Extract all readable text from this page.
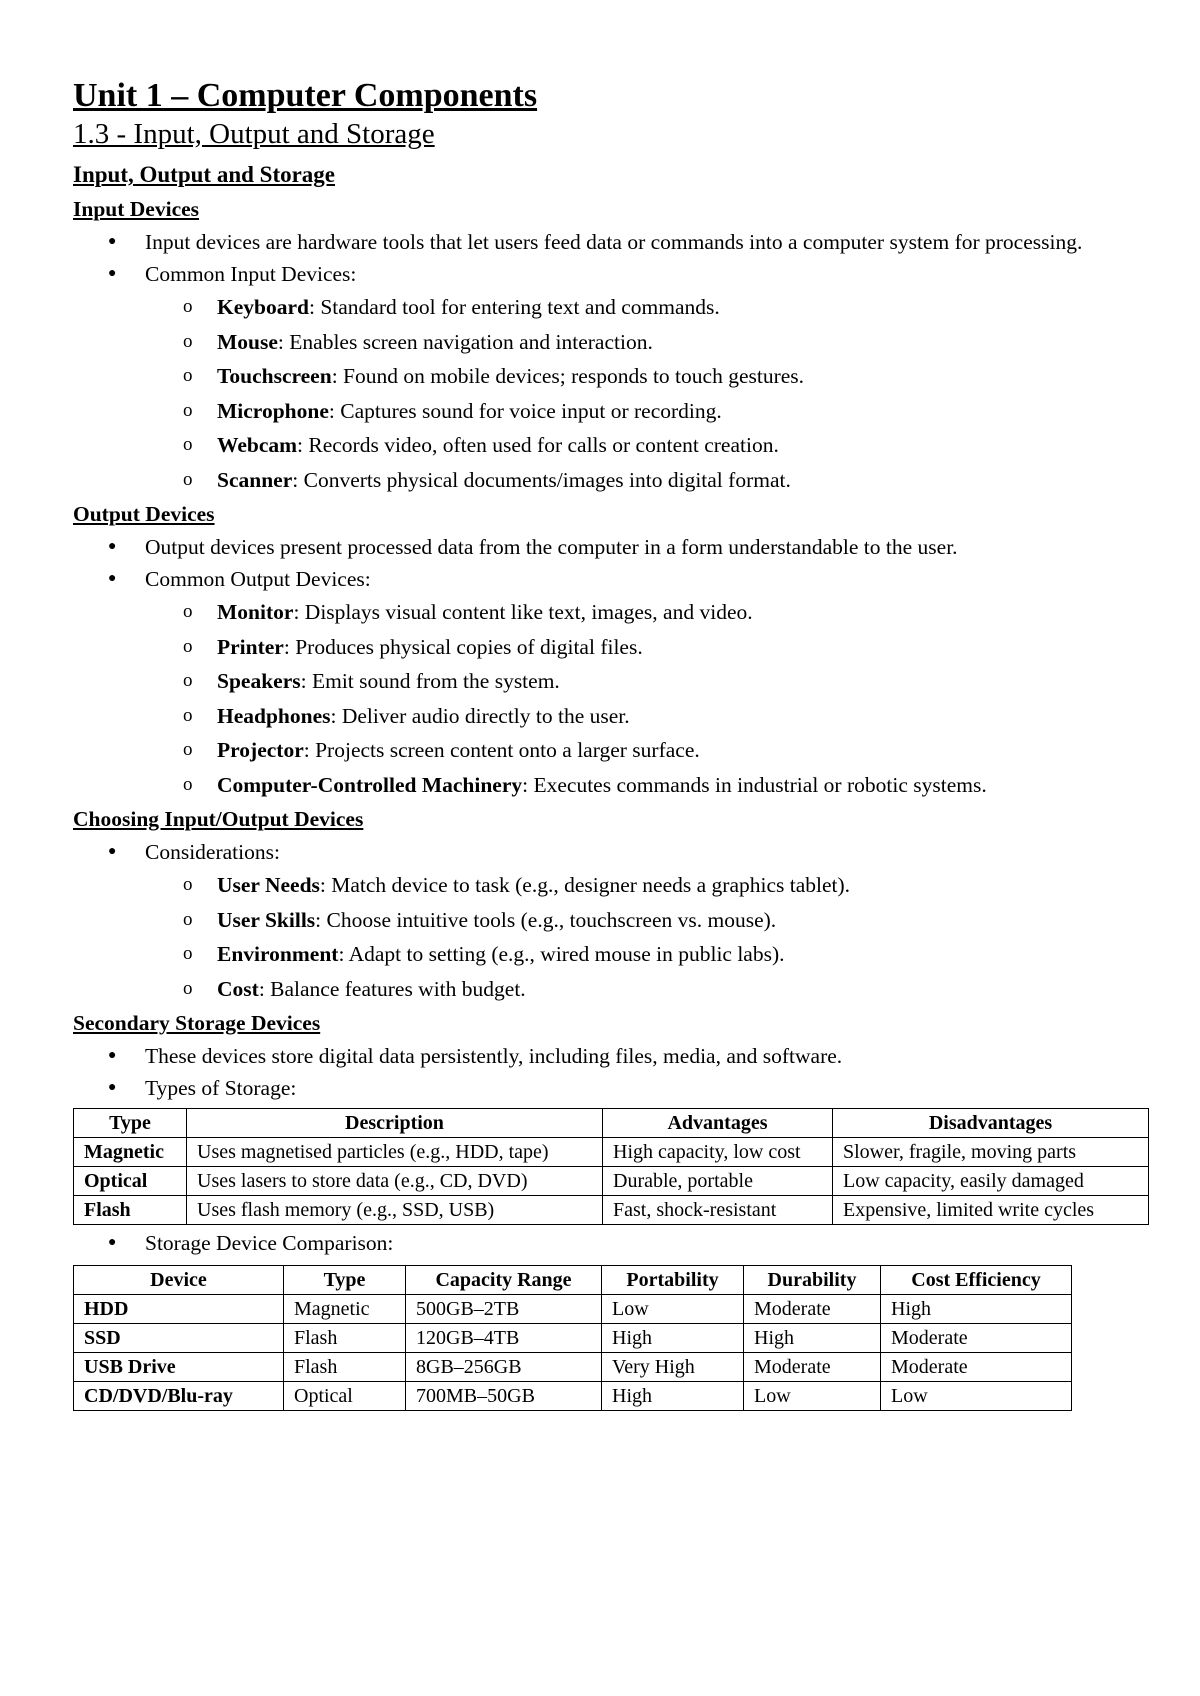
Unit 1 – Computer Components
1.3 - Input, Output and Storage
Input, Output and Storage
Input Devices
● Input devices are hardware tools that let users feed data or commands into a computer system for processing.
● Common Input Devices:
o Keyboard: Standard tool for entering text and commands.
o Mouse: Enables screen navigation and interaction.
o Touchscreen: Found on mobile devices; responds to touch gestures.
o Microphone: Captures sound for voice input or recording.
o Webcam: Records video, often used for calls or content creation.
o Scanner: Converts physical documents/images into digital format.
Output Devices
● Output devices present processed data from the computer in a form understandable to the user.
● Common Output Devices:
o Monitor: Displays visual content like text, images, and video.
o Printer: Produces physical copies of digital files.
o Speakers: Emit sound from the system.
o Headphones: Deliver audio directly to the user.
o Projector: Projects screen content onto a larger surface.
o Computer-Controlled Machinery: Executes commands in industrial or robotic systems.
Choosing Input/Output Devices
● Considerations:
o User Needs: Match device to task (e.g., designer needs a graphics tablet).
o User Skills: Choose intuitive tools (e.g., touchscreen vs. mouse).
o Environment: Adapt to setting (e.g., wired mouse in public labs).
o Cost: Balance features with budget.
Secondary Storage Devices
● These devices store digital data persistently, including files, media, and software.
● Types of Storage:
Type	Description	Advantages	Disadvantages
Magnetic	Uses magnetised particles (e.g., HDD, tape)	High capacity, low cost	Slower, fragile, moving parts
Optical	Uses lasers to store data (e.g., CD, DVD)	Durable, portable	Low capacity, easily damaged
Flash	Uses flash memory (e.g., SSD, USB)	Fast, shock-resistant	Expensive, limited write cycles
● Storage Device Comparison:
Device	Type	Capacity Range	Portability	Durability	Cost Efficiency
HDD	Magnetic	500GB–2TB	Low	Moderate	High
SSD	Flash	120GB–4TB	High	High	Moderate
USB Drive	Flash	8GB–256GB	Very High	Moderate	Moderate
CD/DVD/Blu-ray	Optical	700MB–50GB	High	Low	Low
